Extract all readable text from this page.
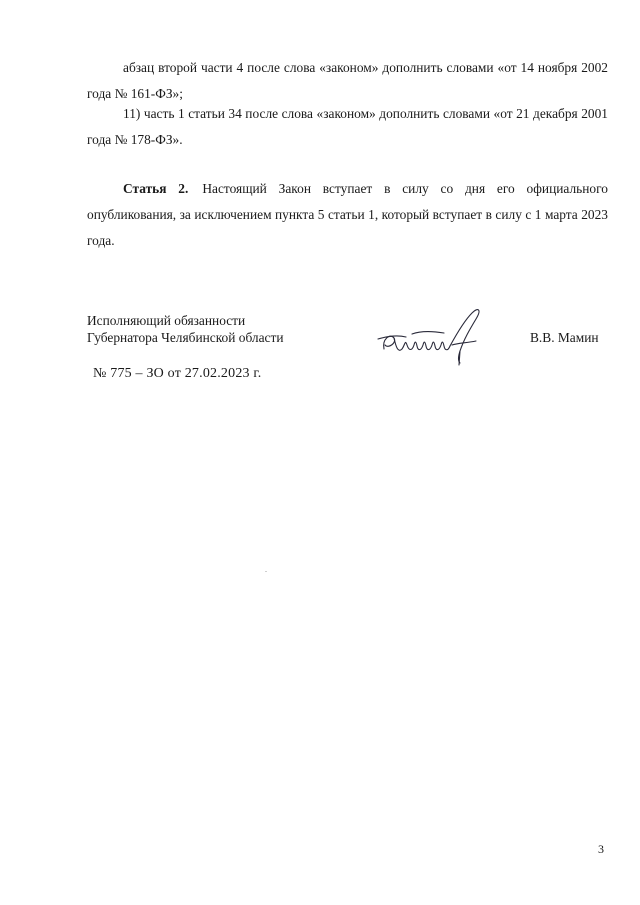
абзац второй части 4 после слова «законом» дополнить словами «от 14 ноября 2002 года № 161-ФЗ»;

11) часть 1 статьи 34 после слова «законом» дополнить словами «от 21 декабря 2001 года № 178-ФЗ».

Статья 2. Настоящий Закон вступает в силу со дня его официального опубликования, за исключением пункта 5 статьи 1, который вступает в силу с 1 марта 2023 года.

Исполняющий обязанности
Губернатора Челябинской области	В.В. Мамин
№ 775 – ЗО от 27.02.2023 г.
3
